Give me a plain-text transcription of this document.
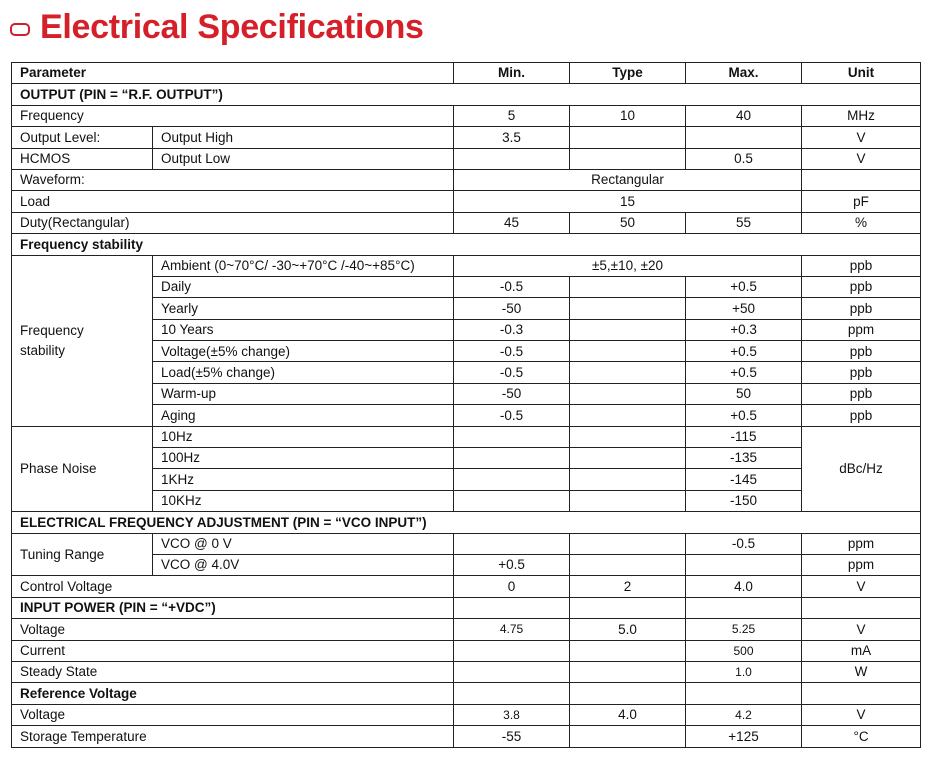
Electrical Specifications
Parameter		Min.	Type	Max.	Unit
OUTPUT (PIN = “R.F. OUTPUT”)					
Frequency		5	10	40	MHz
Output Level:	Output High	3.5			V
HCMOS	Output Low			0.5	V
Waveform:		Rectangular			
Load		15			pF
Duty(Rectangular)		45	50	55	%
Frequency stability					
Frequency
stability	Ambient (0~70°C/ -30~+70°C /-40~+85°C)	±5,±10, ±20			ppb
	Daily	-0.5		+0.5	ppb
	Yearly	-50		+50	ppb
	10 Years	-0.3		+0.3	ppm
	Voltage(±5% change)	-0.5		+0.5	ppb
	Load(±5% change)	-0.5		+0.5	ppb
	Warm-up	-50		50	ppb
	Aging	-0.5		+0.5	ppb
Phase Noise	10Hz			-115	dBc/Hz
	100Hz			-135	
	1KHz			-145	
	10KHz			-150	
ELECTRICAL FREQUENCY ADJUSTMENT (PIN = “VCO INPUT”)					
Tuning Range	VCO @ 0 V			-0.5	ppm
	VCO @ 4.0V	+0.5			ppm
Control Voltage		0	2	4.0	V
INPUT POWER (PIN = “+VDC”)					
Voltage		4.75	5.0	5.25	V
Current				500	mA
Steady State				1.0	W
Reference Voltage					
Voltage		3.8	4.0	4.2	V
Storage Temperature		-55		+125	°C
